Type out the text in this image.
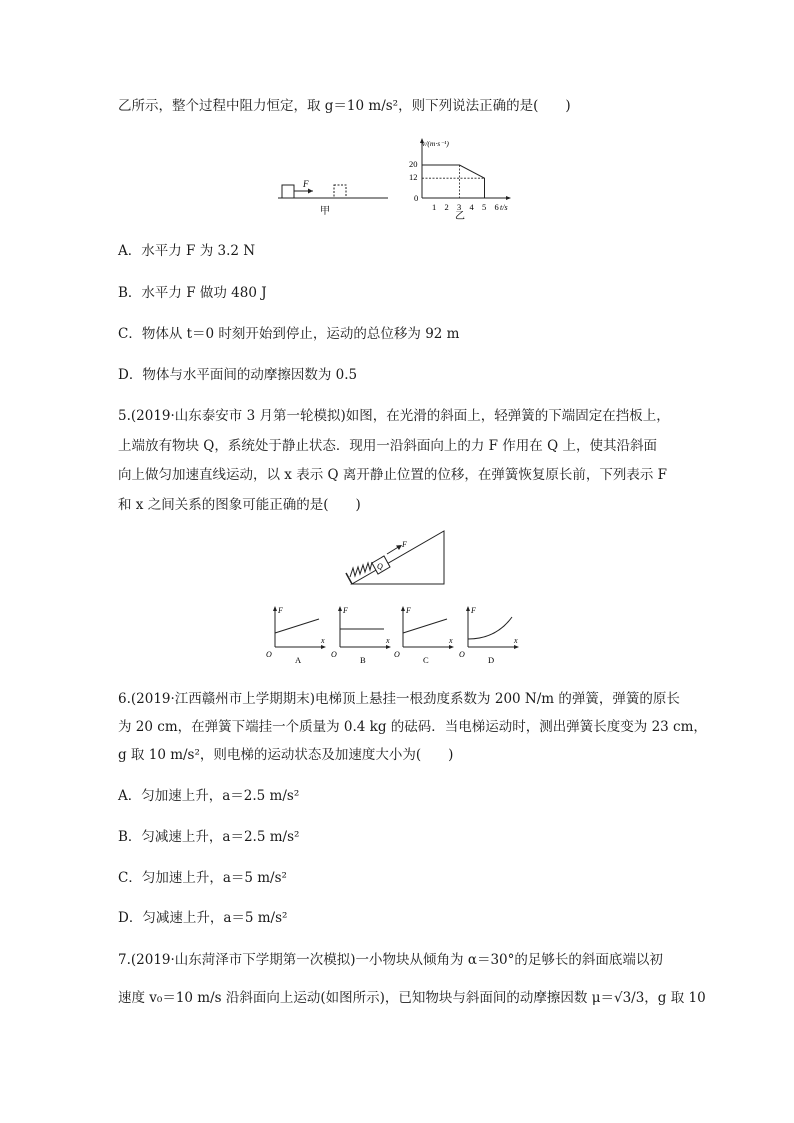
乙所示，整个过程中阻力恒定，取 g＝10 m/s²，则下列说法正确的是(　　)
F
甲
v/(m·s⁻¹)
t/s
0
20
12
1 2 3 4 5 6
乙
A．水平力 F 为 3.2 N
B．水平力 F 做功 480 J
C．物体从 t＝0 时刻开始到停止，运动的总位移为 92 m
D．物体与水平面间的动摩擦因数为 0.5
5.(2019·山东泰安市 3 月第一轮模拟)如图，在光滑的斜面上，轻弹簧的下端固定在挡板上，
上端放有物块 Q，系统处于静止状态．现用一沿斜面向上的力 F 作用在 Q 上，使其沿斜面
向上做匀加速直线运动，以 x 表示 Q 离开静止位置的位移，在弹簧恢复原长前，下列表示 F
和 x 之间关系的图象可能正确的是(　　)
Q
F
F
x
O
A
F
x
O
B
F
x
O
C
F
x
O
D
6.(2019·江西赣州市上学期期末)电梯顶上悬挂一根劲度系数为 200 N/m 的弹簧，弹簧的原长
为 20 cm，在弹簧下端挂一个质量为 0.4 kg 的砝码．当电梯运动时，测出弹簧长度变为 23 cm，
g 取 10 m/s²，则电梯的运动状态及加速度大小为(　　)
A．匀加速上升，a＝2.5 m/s²
B．匀减速上升，a＝2.5 m/s²
C．匀加速上升，a＝5 m/s²
D．匀减速上升，a＝5 m/s²
7.(2019·山东菏泽市下学期第一次模拟)一小物块从倾角为 α＝30°的足够长的斜面底端以初
速度 v₀＝10 m/s 沿斜面向上运动(如图所示)，已知物块与斜面间的动摩擦因数 μ＝√3/3，g 取 10
